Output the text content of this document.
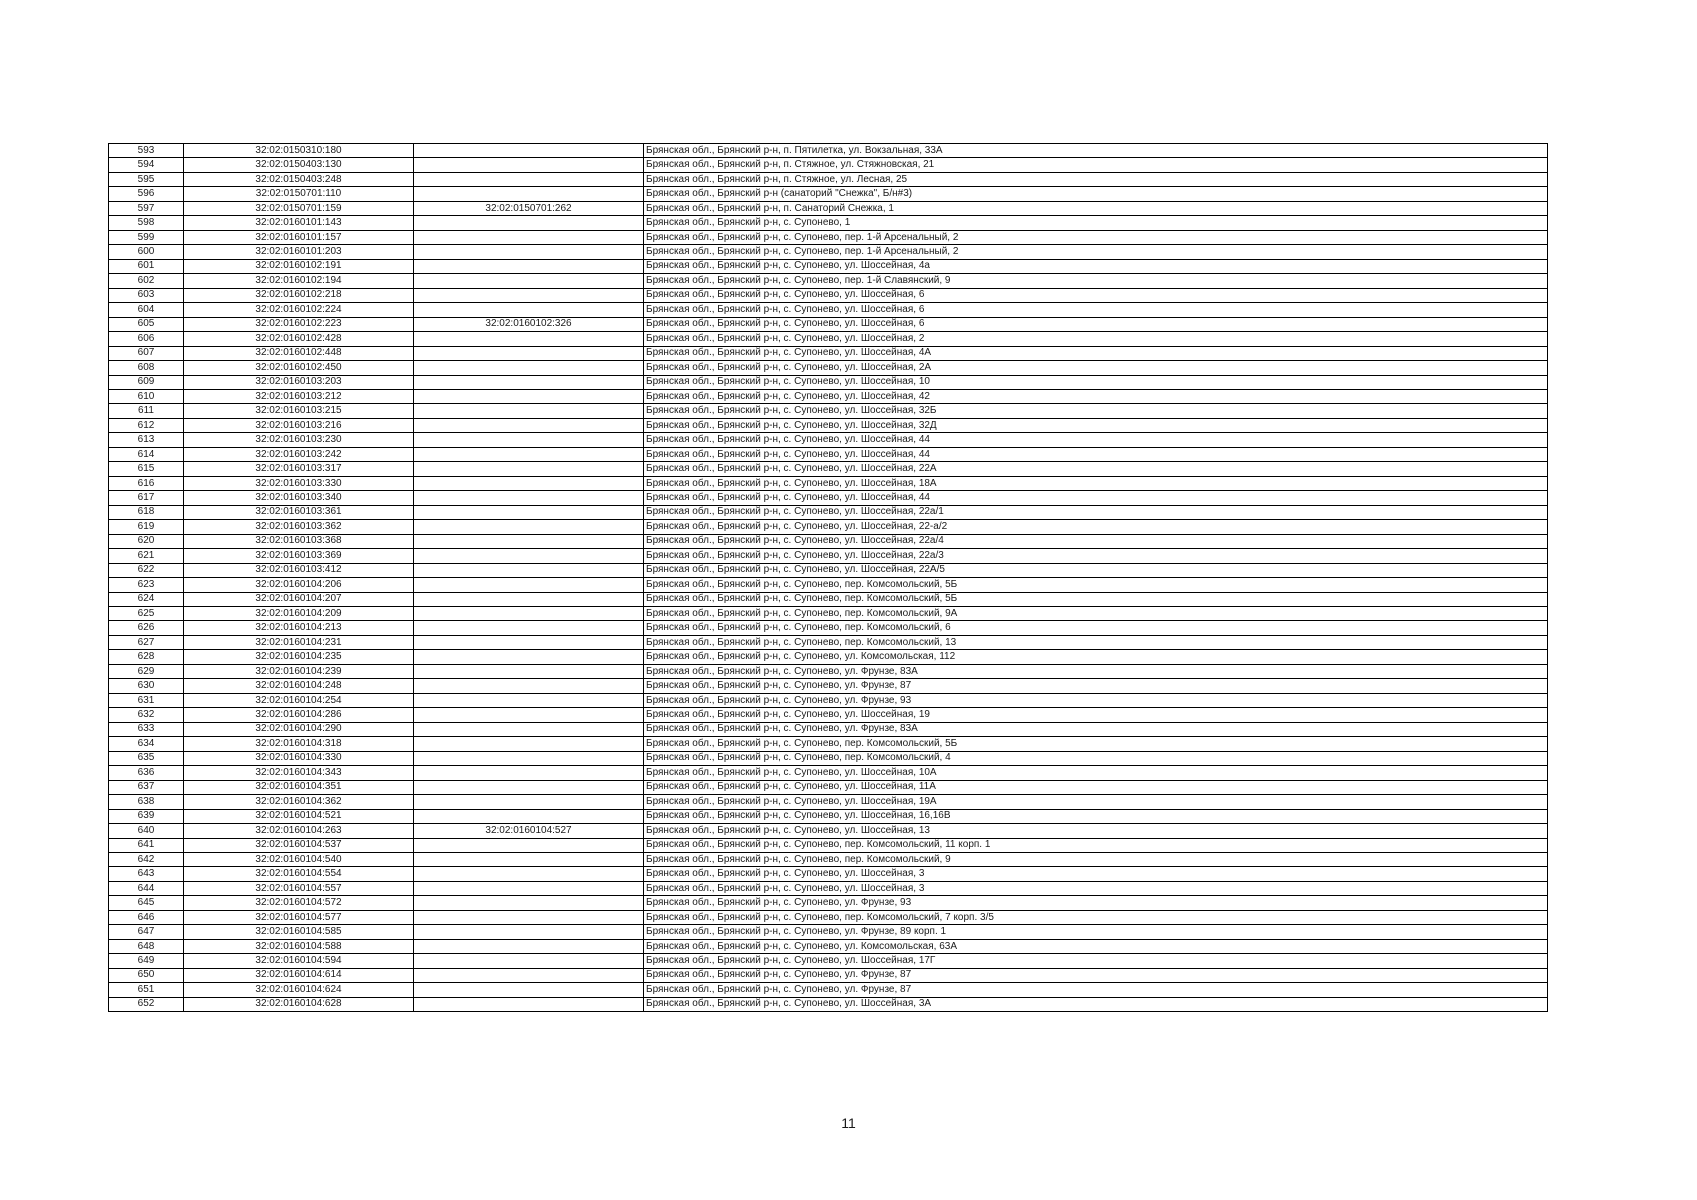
593	32:02:0150310:180		Брянская обл., Брянский р-н, п. Пятилетка, ул. Вокзальная, 33А
594	32:02:0150403:130		Брянская обл., Брянский р-н, п. Стяжное, ул. Стяжновская, 21
595	32:02:0150403:248		Брянская обл., Брянский р-н, п. Стяжное, ул. Лесная, 25
596	32:02:0150701:110		Брянская обл., Брянский р-н (санаторий "Снежка", Б/н#3)
597	32:02:0150701:159	32:02:0150701:262	Брянская обл., Брянский р-н, п. Санаторий Снежка, 1
598	32:02:0160101:143		Брянская обл., Брянский р-н, с. Супонево, 1
599	32:02:0160101:157		Брянская обл., Брянский р-н, с. Супонево, пер. 1-й Арсенальный, 2
600	32:02:0160101:203		Брянская обл., Брянский р-н, с. Супонево, пер. 1-й Арсенальный, 2
601	32:02:0160102:191		Брянская обл., Брянский р-н, с. Супонево, ул. Шоссейная, 4а
602	32:02:0160102:194		Брянская обл., Брянский р-н, с. Супонево, пер. 1-й Славянский, 9
603	32:02:0160102:218		Брянская обл., Брянский р-н, с. Супонево, ул. Шоссейная, 6
604	32:02:0160102:224		Брянская обл., Брянский р-н, с. Супонево, ул. Шоссейная, 6
605	32:02:0160102:223	32:02:0160102:326	Брянская обл., Брянский р-н, с. Супонево, ул. Шоссейная, 6
606	32:02:0160102:428		Брянская обл., Брянский р-н, с. Супонево, ул. Шоссейная, 2
607	32:02:0160102:448		Брянская обл., Брянский р-н, с. Супонево, ул. Шоссейная, 4А
608	32:02:0160102:450		Брянская обл., Брянский р-н, с. Супонево, ул. Шоссейная, 2А
609	32:02:0160103:203		Брянская обл., Брянский р-н, с. Супонево, ул. Шоссейная, 10
610	32:02:0160103:212		Брянская обл., Брянский р-н, с. Супонево, ул. Шоссейная, 42
611	32:02:0160103:215		Брянская обл., Брянский р-н, с. Супонево, ул. Шоссейная, 32Б
612	32:02:0160103:216		Брянская обл., Брянский р-н, с. Супонево, ул. Шоссейная, 32Д
613	32:02:0160103:230		Брянская обл., Брянский р-н, с. Супонево, ул. Шоссейная, 44
614	32:02:0160103:242		Брянская обл., Брянский р-н, с. Супонево, ул. Шоссейная, 44
615	32:02:0160103:317		Брянская обл., Брянский р-н, с. Супонево, ул. Шоссейная, 22А
616	32:02:0160103:330		Брянская обл., Брянский р-н, с. Супонево, ул. Шоссейная, 18А
617	32:02:0160103:340		Брянская обл., Брянский р-н, с. Супонево, ул. Шоссейная, 44
618	32:02:0160103:361		Брянская обл., Брянский р-н, с. Супонево, ул. Шоссейная, 22а/1
619	32:02:0160103:362		Брянская обл., Брянский р-н, с. Супонево, ул. Шоссейная, 22-а/2
620	32:02:0160103:368		Брянская обл., Брянский р-н, с. Супонево, ул. Шоссейная, 22а/4
621	32:02:0160103:369		Брянская обл., Брянский р-н, с. Супонево, ул. Шоссейная, 22а/3
622	32:02:0160103:412		Брянская обл., Брянский р-н, с. Супонево, ул. Шоссейная, 22А/5
623	32:02:0160104:206		Брянская обл., Брянский р-н, с. Супонево, пер. Комсомольский, 5Б
624	32:02:0160104:207		Брянская обл., Брянский р-н, с. Супонево, пер. Комсомольский, 5Б
625	32:02:0160104:209		Брянская обл., Брянский р-н, с. Супонево, пер. Комсомольский, 9А
626	32:02:0160104:213		Брянская обл., Брянский р-н, с. Супонево, пер. Комсомольский, 6
627	32:02:0160104:231		Брянская обл., Брянский р-н, с. Супонево, пер. Комсомольский, 13
628	32:02:0160104:235		Брянская обл., Брянский р-н, с. Супонево, ул. Комсомольская, 112
629	32:02:0160104:239		Брянская обл., Брянский р-н, с. Супонево, ул. Фрунзе, 83А
630	32:02:0160104:248		Брянская обл., Брянский р-н, с. Супонево, ул. Фрунзе, 87
631	32:02:0160104:254		Брянская обл., Брянский р-н, с. Супонево, ул. Фрунзе, 93
632	32:02:0160104:286		Брянская обл., Брянский р-н, с. Супонево, ул. Шоссейная, 19
633	32:02:0160104:290		Брянская обл., Брянский р-н, с. Супонево, ул. Фрунзе, 83А
634	32:02:0160104:318		Брянская обл., Брянский р-н, с. Супонево, пер. Комсомольский, 5Б
635	32:02:0160104:330		Брянская обл., Брянский р-н, с. Супонево, пер. Комсомольский, 4
636	32:02:0160104:343		Брянская обл., Брянский р-н, с. Супонево, ул. Шоссейная, 10А
637	32:02:0160104:351		Брянская обл., Брянский р-н, с. Супонево, ул. Шоссейная, 11А
638	32:02:0160104:362		Брянская обл., Брянский р-н, с. Супонево, ул. Шоссейная, 19А
639	32:02:0160104:521		Брянская обл., Брянский р-н, с. Супонево, ул. Шоссейная, 16,16В
640	32:02:0160104:263	32:02:0160104:527	Брянская обл., Брянский р-н, с. Супонево, ул. Шоссейная, 13
641	32:02:0160104:537		Брянская обл., Брянский р-н, с. Супонево, пер. Комсомольский, 11 корп. 1
642	32:02:0160104:540		Брянская обл., Брянский р-н, с. Супонево, пер. Комсомольский, 9
643	32:02:0160104:554		Брянская обл., Брянский р-н, с. Супонево, ул. Шоссейная, 3
644	32:02:0160104:557		Брянская обл., Брянский р-н, с. Супонево, ул. Шоссейная, 3
645	32:02:0160104:572		Брянская обл., Брянский р-н, с. Супонево, ул. Фрунзе, 93
646	32:02:0160104:577		Брянская обл., Брянский р-н, с. Супонево, пер. Комсомольский, 7 корп. 3/5
647	32:02:0160104:585		Брянская обл., Брянский р-н, с. Супонево, ул. Фрунзе, 89 корп. 1
648	32:02:0160104:588		Брянская обл., Брянский р-н, с. Супонево, ул. Комсомольская, 63А
649	32:02:0160104:594		Брянская обл., Брянский р-н, с. Супонево, ул. Шоссейная, 17Г
650	32:02:0160104:614		Брянская обл., Брянский р-н, с. Супонево, ул. Фрунзе, 87
651	32:02:0160104:624		Брянская обл., Брянский р-н, с. Супонево, ул. Фрунзе, 87
652	32:02:0160104:628		Брянская обл., Брянский р-н, с. Супонево, ул. Шоссейная, 3А
11
